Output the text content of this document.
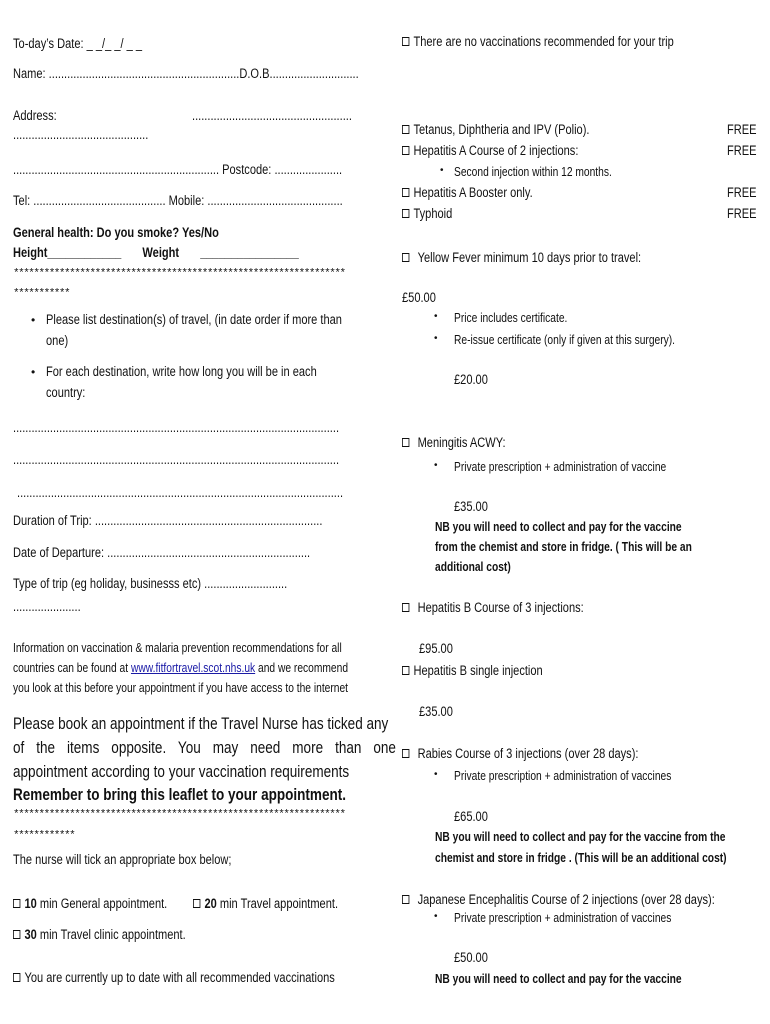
To-day’s Date: _ _/_ _/ _ _
Name: ..............................................................D.O.B.............................
Address:	....................................................
............................................
................................................................... Postcode: ......................
Tel: ........................................... Mobile: ............................................
General health: Do you smoke? Yes/No
Height____________ Weight ________________
*****************************************************************
***********
• Please list destination(s) of travel, (in date order if more than
one)
• For each destination, write how long you will be in each
country:
..........................................................................................................
..........................................................................................................
..........................................................................................................
Duration of Trip: ..........................................................................
Date of Departure: ..................................................................
Type of trip (eg holiday, businesss etc) ...........................
......................
Information on vaccination & malaria prevention recommendations for all
countries can be found at www.fitfortravel.scot.nhs.uk and we recommend
you look at this before your appointment if you have access to the internet
Please book an appointment if the Travel Nurse has ticked any
of the items opposite. You may need more than one
appointment according to your vaccination requirements
Remember to bring this leaflet to your appointment.
*****************************************************************
************
The nurse will tick an appropriate box below;
10 min General appointment.	20 min Travel appointment.
30 min Travel clinic appointment.
You are currently up to date with all recommended vaccinations
There are no vaccinations recommended for your trip
Tetanus, Diphtheria and IPV (Polio).	FREE
Hepatitis A Course of 2 injections:	FREE
• Second injection within 12 months.
Hepatitis A Booster only.	FREE
Typhoid	FREE
Yellow Fever minimum 10 days prior to travel:
£50.00
• Price includes certificate.
• Re-issue certificate (only if given at this surgery).
£20.00
Meningitis ACWY:
• Private prescription + administration of vaccine
£35.00
NB you will need to collect and pay for the vaccine
from the chemist and store in fridge. ( This will be an
additional cost)
Hepatitis B Course of 3 injections:
£95.00
Hepatitis B single injection
£35.00
Rabies Course of 3 injections (over 28 days):
• Private prescription + administration of vaccines
£65.00
NB you will need to collect and pay for the vaccine from the
chemist and store in fridge . (This will be an additional cost)
Japanese Encephalitis Course of 2 injections (over 28 days):
• Private prescription + administration of vaccines
£50.00
NB you will need to collect and pay for the vaccine
